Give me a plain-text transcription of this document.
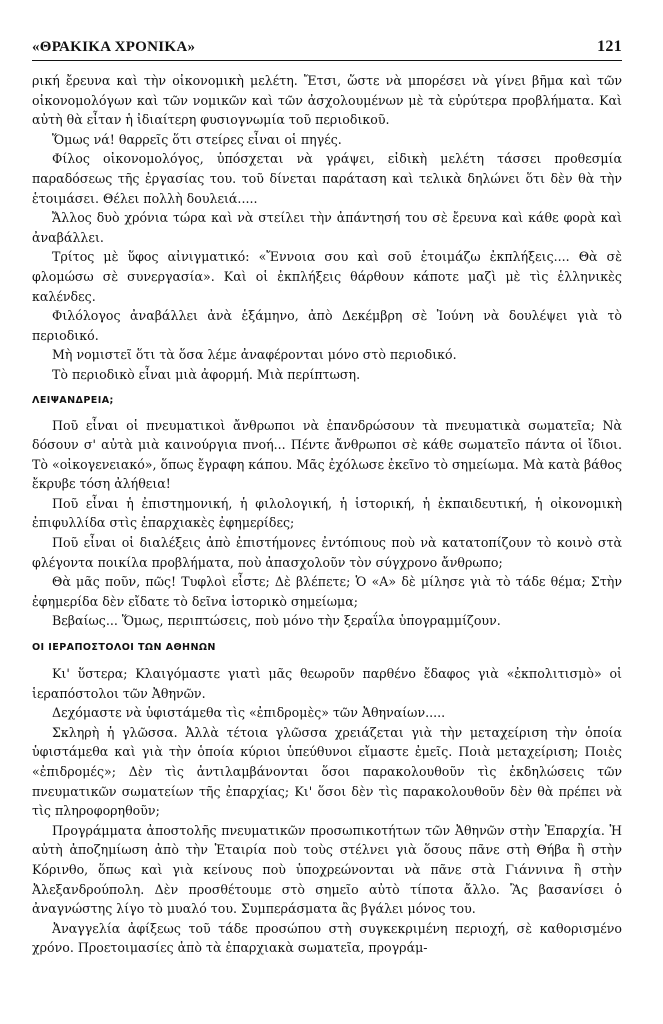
«ΘΡΑΚΙΚΑ ΧΡΟΝΙΚΑ»	121

ρική ἔρευνα καὶ τὴν οἰκονομικὴ μελέτη. Ἔτσι, ὥστε νὰ μπορέσει νὰ γίνει βῆμα καὶ τῶν οἰκονομολόγων καὶ τῶν νομικῶν καὶ τῶν ἀσχολουμένων μὲ τὰ εὐρύτερα προβλήματα. Καὶ αὐτὴ θὰ εἶταν ἡ ἰδιαίτερη φυσιογνωμία τοῦ περιοδικοῦ.

Ὅμως νά! θαρρεῖς ὅτι στείρες εἶναι οἱ πηγές.

Φίλος οἰκονομολόγος, ὑπόσχεται νὰ γράψει, εἰδικὴ μελέτη τάσσει προθεσμία παραδόσεως τῆς ἐργασίας του. τοῦ δίνεται παράταση καὶ τελικὰ δηλώνει ὅτι δὲν θὰ τὴν ἑτοιμάσει. Θέλει πολλὴ δουλειά.....

Ἄλλος δυὸ χρόνια τώρα καὶ νὰ στείλει τὴν ἀπάντησή του σὲ ἔρευνα καὶ κάθε φορὰ καὶ ἀναβάλλει.

Τρίτος μὲ ὕφος αἰνιγματικό: «Ἔννοια σου καὶ σοῦ ἑτοιμάζω ἐκπλήξεις.... Θὰ σὲ φλομώσω σὲ συνεργασία». Καὶ οἱ ἐκπλήξεις θάρθουν κάποτε μαζὶ μὲ τὶς ἑλληνικὲς καλένδες.

Φιλόλογος ἀναβάλλει ἀνὰ ἑξάμηνο, ἀπὸ Δεκέμβρη σὲ Ἰούνη νὰ δουλέψει γιὰ τὸ περιοδικό.

Μὴ νομιστεῖ ὅτι τὰ ὅσα λέμε ἀναφέρονται μόνο στὸ περιοδικό.

Τὸ περιοδικὸ εἶναι μιὰ ἀφορμή. Μιὰ περίπτωση.

ΛΕΙΨΑΝΔΡΕΙΑ;

Ποῦ εἶναι οἱ πνευματικοὶ ἄνθρωποι νὰ ἐπανδρώσουν τὰ πνευματικὰ σωματεῖα; Νὰ δόσουν σ' αὐτὰ μιὰ καινούργια πνοή... Πέντε ἄνθρωποι σὲ κάθε σωματεῖο πάντα οἱ ἴδιοι. Τὸ «οἰκογενειακό», ὅπως ἔγραφη κάπου. Μᾶς ἐχόλωσε ἐκεῖνο τὸ σημείωμα. Μὰ κατὰ βάθος ἔκρυβε τόση ἀλήθεια!

Ποῦ εἶναι ἡ ἐπιστημονική, ἡ φιλολογική, ἡ ἱστορική, ἡ ἐκπαιδευτική, ἡ οἰκονομικὴ ἐπιφυλλίδα στὶς ἐπαρχιακὲς ἐφημερίδες;

Ποῦ εἶναι οἱ διαλέξεις ἀπὸ ἐπιστήμονες ἐντόπιους ποὺ νὰ κατατοπίζουν τὸ κοινὸ στὰ φλέγοντα ποικίλα προβλήματα, ποὺ ἀπασχολοῦν τὸν σύγχρονο ἄνθρωπο;

Θὰ μᾶς ποῦν, πῶς! Τυφλοὶ εἶστε; Δὲ βλέπετε; Ὁ «Α» δὲ μίλησε γιὰ τὸ τάδε θέμα; Στὴν ἐφημερίδα δὲν εἴδατε τὸ δεῖνα ἱστορικὸ σημείωμα;

Βεβαίως... Ὅμως, περιπτώσεις, ποὺ μόνο τὴν ξεραΐλα ὑπογραμμίζουν.

ΟΙ ΙΕΡΑΠΟΣΤΟΛΟΙ ΤΩΝ ΑΘΗΝΩΝ

Κι' ὕστερα; Κλαιγόμαστε γιατὶ μᾶς θεωροῦν παρθένο ἔδαφος γιὰ «ἐκπολιτισμὸ» οἱ ἱεραπόστολοι τῶν Ἀθηνῶν.

Δεχόμαστε νὰ ὑφιστάμεθα τὶς «ἐπιδρομὲς» τῶν Ἀθηναίων.....

Σκληρὴ ἡ γλῶσσα. Ἀλλὰ τέτοια γλῶσσα χρειάζεται γιὰ τὴν μεταχείριση τὴν ὁποία ὑφιστάμεθα καὶ γιὰ τὴν ὁποία κύριοι ὑπεύθυνοι εἴμαστε ἐμεῖς. Ποιὰ μεταχείριση; Ποιὲς «ἐπιδρομές»; Δὲν τὶς ἀντιλαμβάνονται ὅσοι παρακολουθοῦν τὶς ἐκδηλώσεις τῶν πνευματικῶν σωματείων τῆς ἐπαρχίας; Κι' ὅσοι δὲν τὶς παρακολουθοῦν δὲν θὰ πρέπει νὰ τὶς πληροφορηθοῦν;

Προγράμματα ἀποστολῆς πνευματικῶν προσωπικοτήτων τῶν Ἀθηνῶν στὴν Ἐπαρχία. Ἡ αὐτὴ ἀποζημίωση ἀπὸ τὴν Ἑταιρία ποὺ τοὺς στέλνει γιὰ ὅσους πᾶνε στὴ Θήβα ἢ στὴν Κόρινθο, ὅπως καὶ γιὰ κείνους ποὺ ὑποχρεώνονται νὰ πᾶνε στὰ Γιάννινα ἢ στὴν Ἀλεξανδρούπολη. Δὲν προσθέτουμε στὸ σημεῖο αὐτὸ τίποτα ἄλλο. Ἂς βασανίσει ὁ ἀναγνώστης λίγο τὸ μυαλό του. Συμπεράσματα ἂς βγάλει μόνος του.

Ἀναγγελία ἀφίξεως τοῦ τάδε προσώπου στὴ συγκεκριμένη περιοχή, σὲ καθορισμένο χρόνο. Προετοιμασίες ἀπὸ τὰ ἐπαρχιακὰ σωματεῖα, προγράμ-
